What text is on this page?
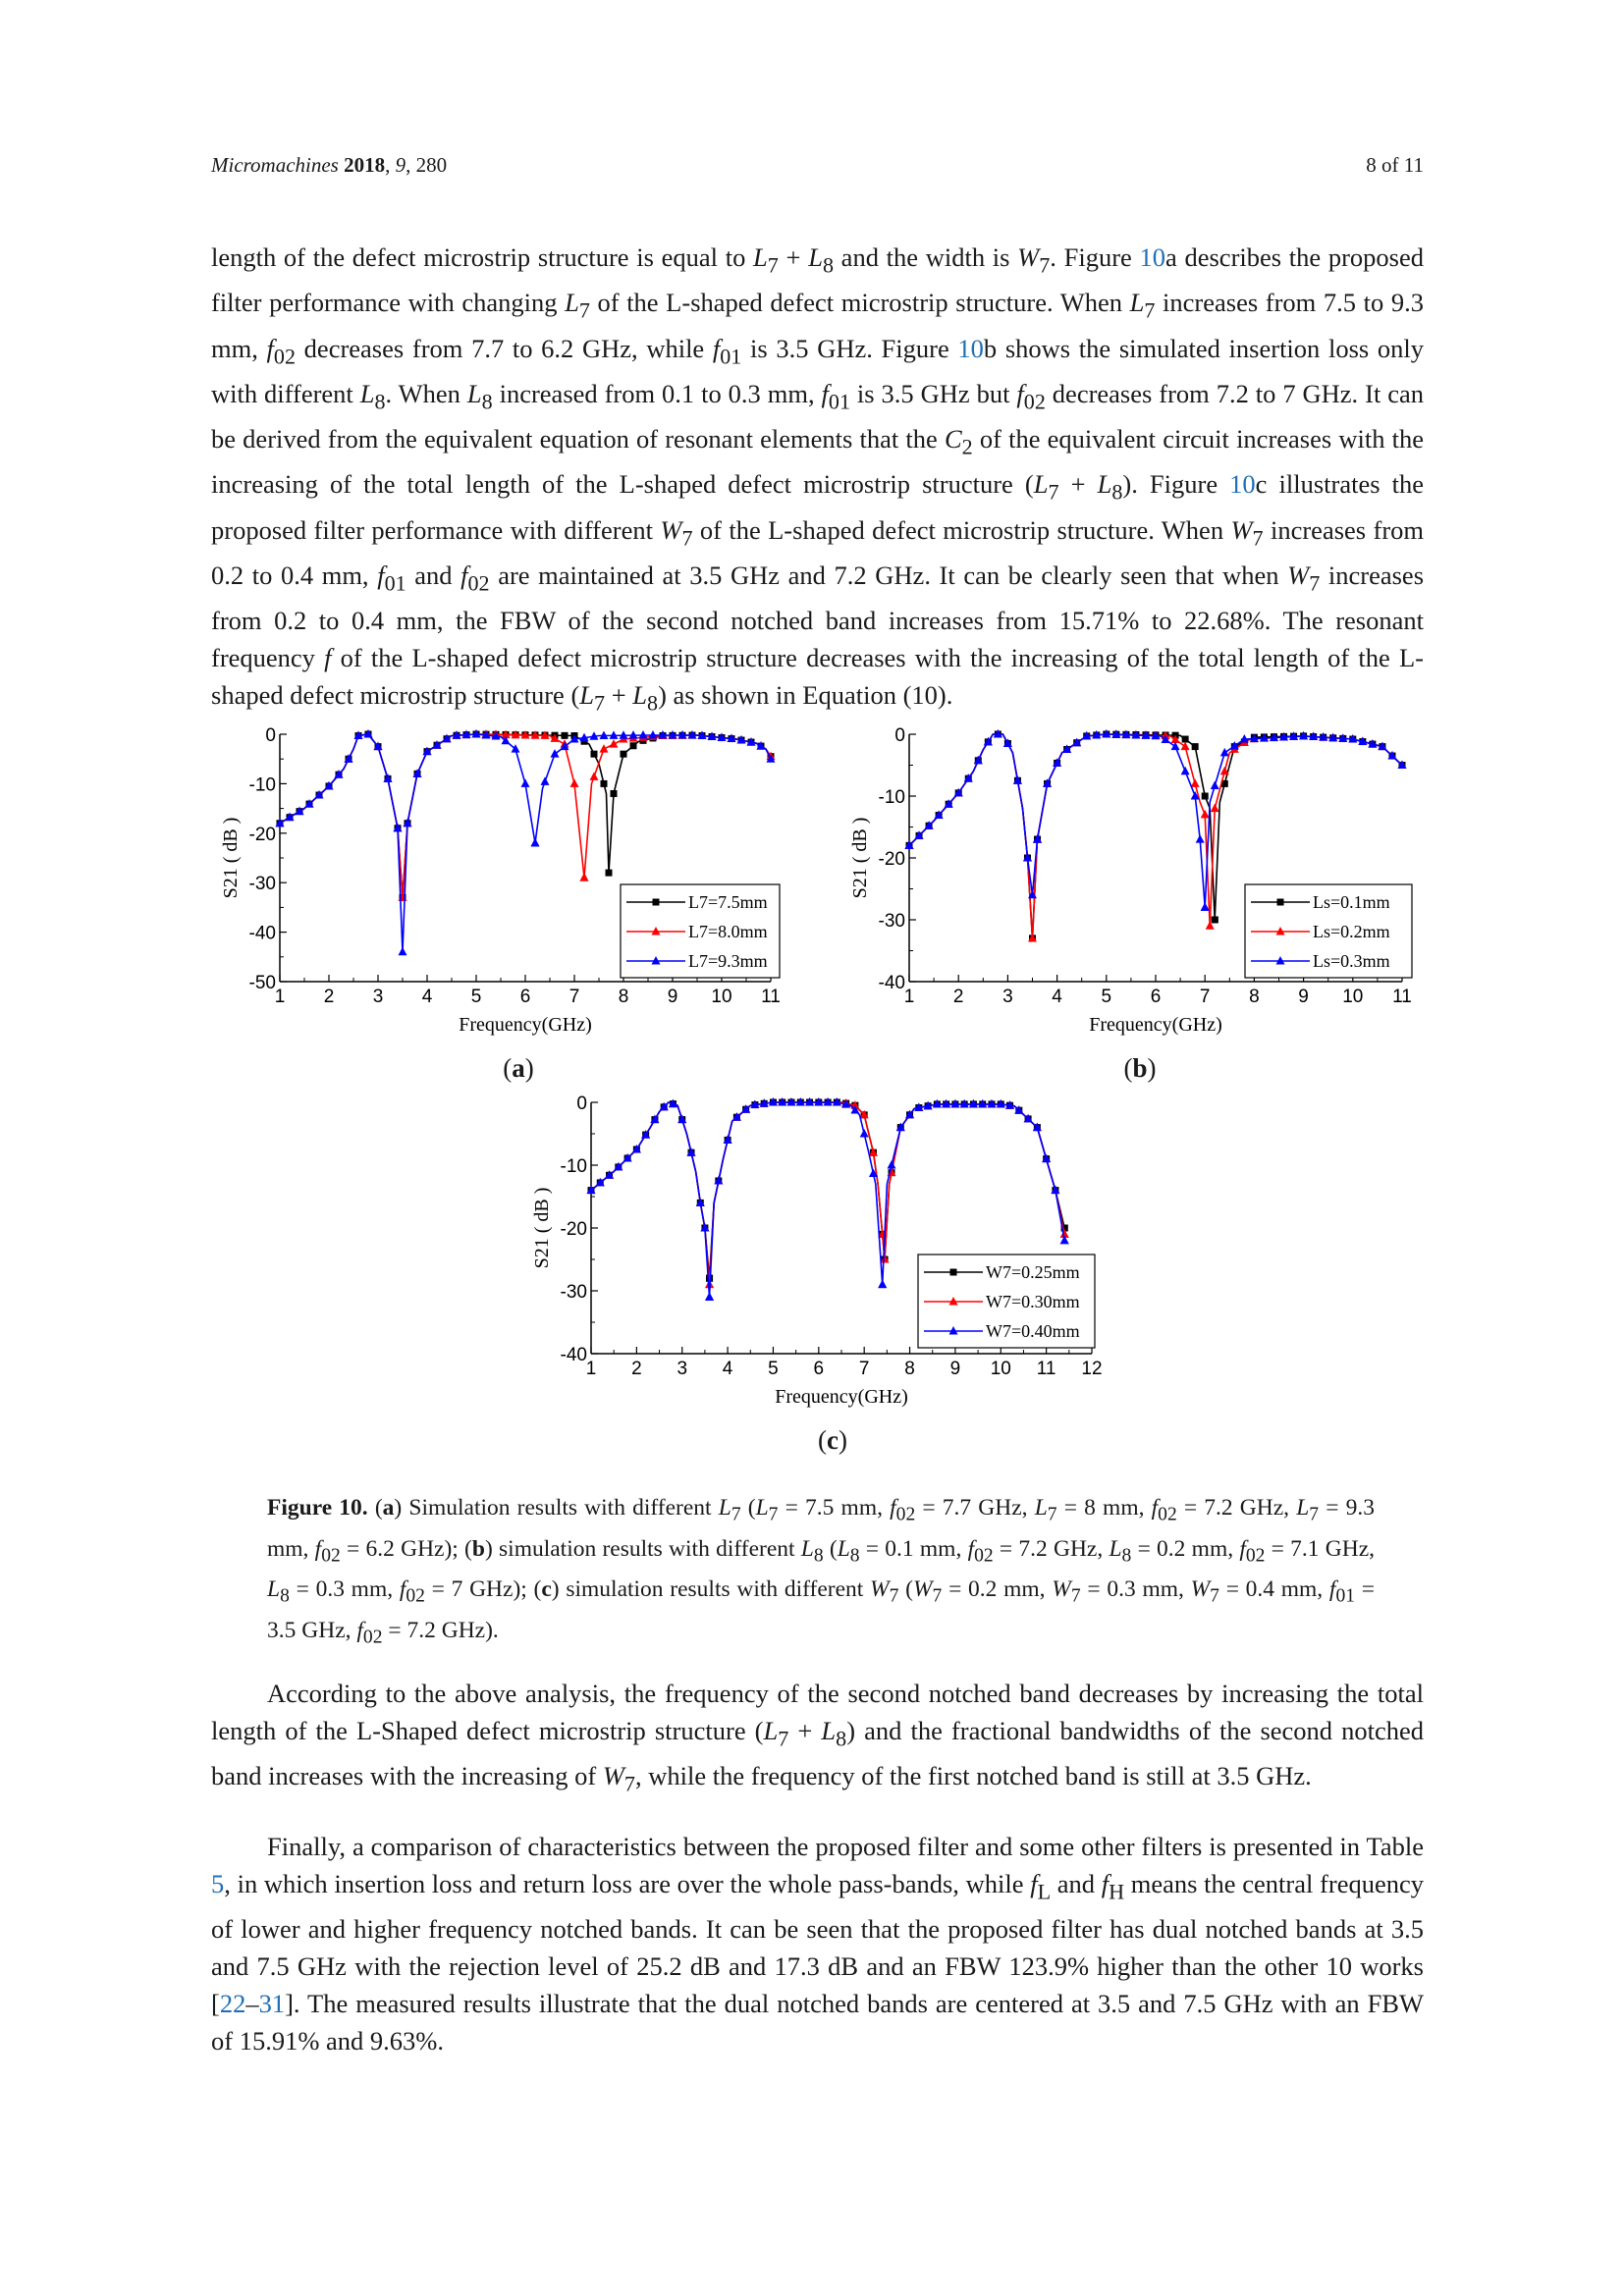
Micromachines 2018, 9, 280	8 of 11

length of the defect microstrip structure is equal to $L_7 + L_8$ and the width is $W_7$. Figure 10a describes the proposed filter performance with changing $L_7$ of the L-shaped defect microstrip structure. When $L_7$ increases from 7.5 to 9.3 mm, $f_{02}$ decreases from 7.7 to 6.2 GHz, while $f_{01}$ is 3.5 GHz. Figure 10b shows the simulated insertion loss only with different $L_8$. When $L_8$ increased from 0.1 to 0.3 mm, $f_{01}$ is 3.5 GHz but $f_{02}$ decreases from 7.2 to 7 GHz. It can be derived from the equivalent equation of resonant elements that the $C_2$ of the equivalent circuit increases with the increasing of the total length of the L-shaped defect microstrip structure $(L_7 + L_8)$. Figure 10c illustrates the proposed filter performance with different $W_7$ of the L-shaped defect microstrip structure. When $W_7$ increases from 0.2 to 0.4 mm, $f_{01}$ and $f_{02}$ are maintained at 3.5 GHz and 7.2 GHz. It can be clearly seen that when $W_7$ increases from 0.2 to 0.4 mm, the FBW of the second notched band increases from 15.71% to 22.68%. The resonant frequency f of the L-shaped defect microstrip structure decreases with the increasing of the total length of the L-shaped defect microstrip structure $(L_7 + L_8)$ as shown in Equation (10).

1 2 3 4 5 6 7 8 9 10 11
0
-10
-20
-30
-40
-50
Frequency(GHz)
S21 ( dB )
L7=7.5mm
L7=8.0mm
L7=9.3mm
1 2 3 4 5 6 7 8 9 10 11
0
-10
-20
-30
-40
Frequency(GHz)
S21 ( dB )
Ls=0.1mm
Ls=0.2mm
Ls=0.3mm
1 2 3 4 5 6 7 8 9 10 11 12
0
-10
-20
-30
-40
Frequency(GHz)
S21 ( dB )
W7=0.25mm
W7=0.30mm
W7=0.40mm
(a)	(b)
(c)

Figure 10. (a) Simulation results with different $L_7$ ($L_7 = 7.5$ mm, $f_{02} = 7.7$ GHz, $L_7 = 8$ mm, $f_{02} = 7.2$ GHz, $L_7 = 9.3$ mm, $f_{02} = 6.2$ GHz); (b) simulation results with different $L_8$ ($L_8 = 0.1$ mm, $f_{02} = 7.2$ GHz, $L_8 = 0.2$ mm, $f_{02} = 7.1$ GHz, $L_8 = 0.3$ mm, $f_{02} = 7$ GHz); (c) simulation results with different $W_7$ ($W_7 = 0.2$ mm, $W_7 = 0.3$ mm, $W_7 = 0.4$ mm, $f_{01} = 3.5$ GHz, $f_{02} = 7.2$ GHz).

According to the above analysis, the frequency of the second notched band decreases by increasing the total length of the L-Shaped defect microstrip structure $(L_7 + L_8)$ and the fractional bandwidths of the second notched band increases with the increasing of $W_7$, while the frequency of the first notched band is still at 3.5 GHz.

Finally, a comparison of characteristics between the proposed filter and some other filters is presented in Table 5, in which insertion loss and return loss are over the whole pass-bands, while $f_L$ and $f_H$ means the central frequency of lower and higher frequency notched bands. It can be seen that the proposed filter has dual notched bands at 3.5 and 7.5 GHz with the rejection level of 25.2 dB and 17.3 dB and an FBW 123.9% higher than the other 10 works [22–31]. The measured results illustrate that the dual notched bands are centered at 3.5 and 7.5 GHz with an FBW of 15.91% and 9.63%.
